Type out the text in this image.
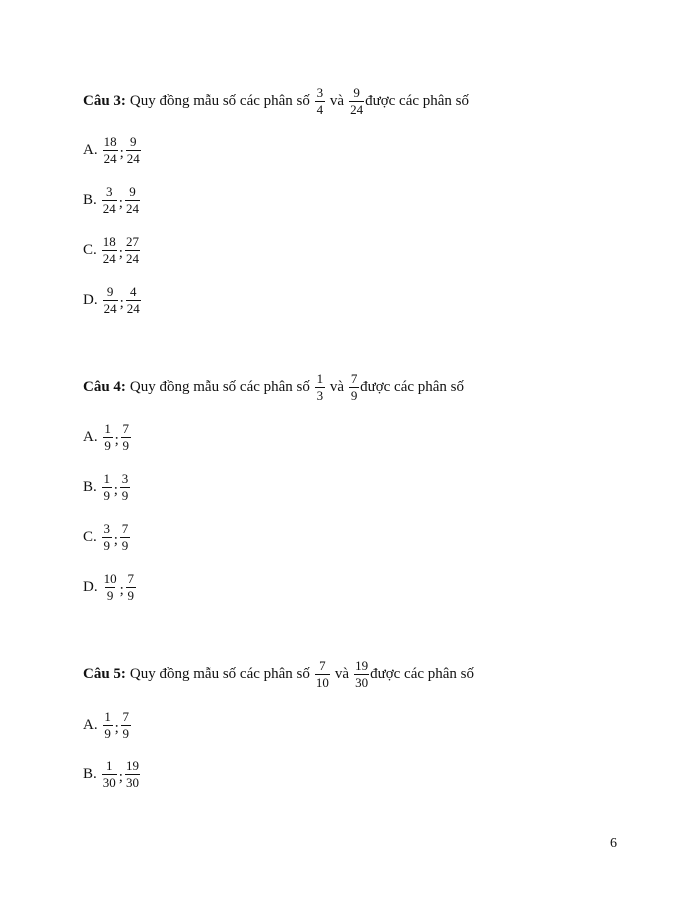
Câu 3: Quy đồng mẫu số các phân số $\frac{3}{4}$ và $\frac{9}{24}$ được các phân số
A. $\frac{18}{24}$ ; $\frac{9}{24}$
B. $\frac{3}{24}$ ; $\frac{9}{24}$
C. $\frac{18}{24}$ ; $\frac{27}{24}$
D. $\frac{9}{24}$ ; $\frac{4}{24}$
Câu 4: Quy đồng mẫu số các phân số $\frac{1}{3}$ và $\frac{7}{9}$ được các phân số
A. $\frac{1}{9}$ ; $\frac{7}{9}$
B. $\frac{1}{9}$ ; $\frac{3}{9}$
C. $\frac{3}{9}$ ; $\frac{7}{9}$
D. $\frac{10}{9}$ ; $\frac{7}{9}$
Câu 5: Quy đồng mẫu số các phân số $\frac{7}{10}$ và $\frac{19}{30}$ được các phân số
A. $\frac{1}{9}$ ; $\frac{7}{9}$
B. $\frac{1}{30}$ ; $\frac{19}{30}$
6
